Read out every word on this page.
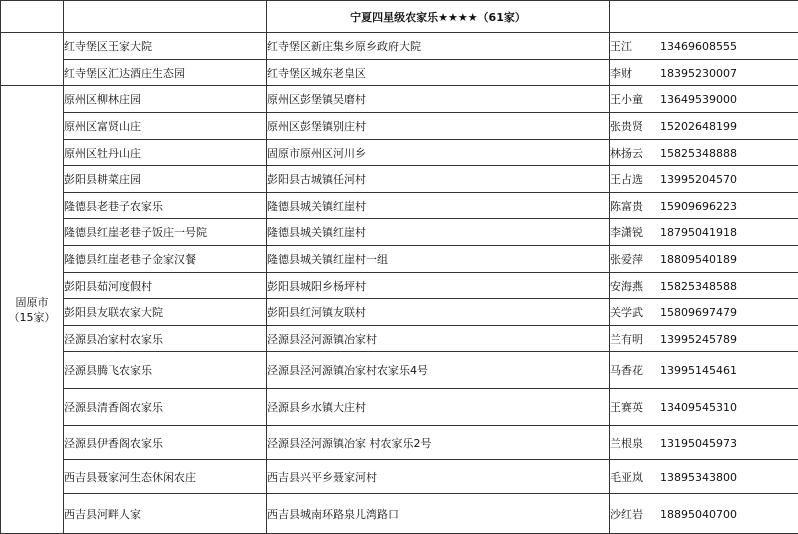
		宁夏四星级农家乐★★★★（61家）	
	红寺堡区王家大院	红寺堡区新庄集乡原乡政府大院	王江 13469608555
	红寺堡区汇达酒庄生态园	红寺堡区城东老皇区	李财 18395230007

固原市
（15家）	原州区柳林庄园	原州区彭堡镇吴磨村	王小童 13649539000
	原州区富贤山庄	原州区彭堡镇别庄村	张贵贤 15202648199
	原州区牡丹山庄	固原市原州区河川乡	林扬云 15825348888
	彭阳县耕菜庄园	彭阳县古城镇任河村	王占选 13995204570
	隆德县老巷子农家乐	隆德县城关镇红崖村	陈富贵 15909696223
	隆德县红崖老巷子饭庄一号院	隆德县城关镇红崖村	李潇锐 18795041918
	隆德县红崖老巷子金家汉餐	隆德县城关镇红崖村一组	张爱萍 18809540189
	彭阳县茹河度假村	彭阳县城阳乡杨坪村	安海燕 15825348588
	彭阳县友联农家大院	彭阳县红河镇友联村	关学武 15809697479
	泾源县冶家村农家乐	泾源县泾河源镇冶家村	兰有明 13995245789
	泾源县腾飞农家乐	泾源县泾河源镇冶家村农家乐4号	马香花 13995145461
	泾源县清香阁农家乐	泾源县乡水镇大庄村	王赛英 13409545310
	泾源县伊香阁农家乐	泾源县泾河源镇冶家 村农家乐2号	兰根泉 13195045973
	西吉县聂家河生态休闲农庄	西吉县兴平乡聂家河村	毛亚岚 13895343800
	西吉县河畔人家	西吉县城南环路泉儿湾路口	沙红岩 18895040700
